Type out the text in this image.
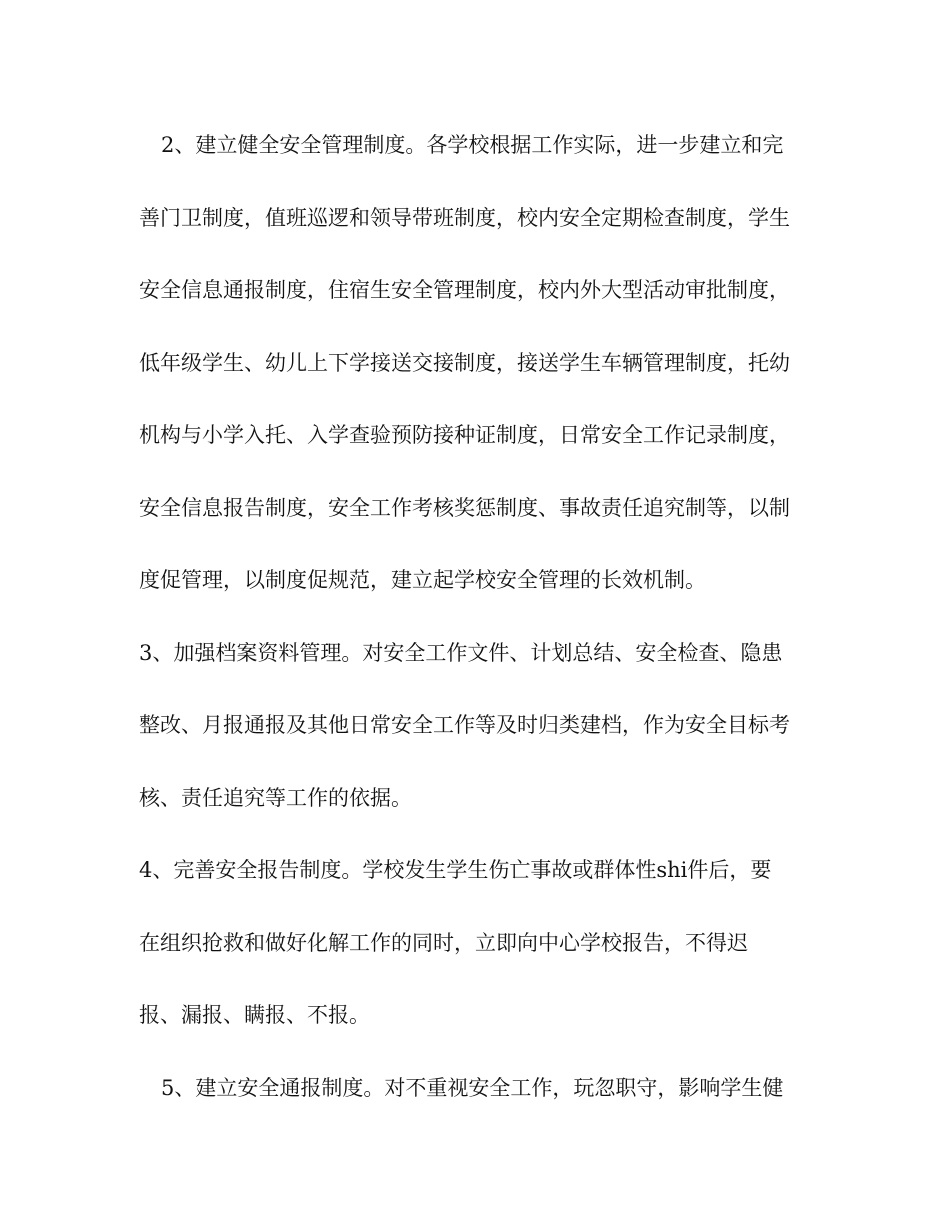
2、建立健全安全管理制度。各学校根据工作实际，进一步建立和完
善门卫制度，值班巡逻和领导带班制度，校内安全定期检查制度，学生
安全信息通报制度，住宿生安全管理制度，校内外大型活动审批制度，
低年级学生、幼儿上下学接送交接制度，接送学生车辆管理制度，托幼
机构与小学入托、入学查验预防接种证制度，日常安全工作记录制度，
安全信息报告制度，安全工作考核奖惩制度、事故责任追究制等，以制
度促管理，以制度促规范，建立起学校安全管理的长效机制。
3、加强档案资料管理。对安全工作文件、计划总结、安全检查、隐患
整改、月报通报及其他日常安全工作等及时归类建档，作为安全目标考
核、责任追究等工作的依据。
4、完善安全报告制度。学校发生学生伤亡事故或群体性shi件后，要
在组织抢救和做好化解工作的同时，立即向中心学校报告，不得迟
报、漏报、瞒报、不报。
5、建立安全通报制度。对不重视安全工作，玩忽职守，影响学生健
